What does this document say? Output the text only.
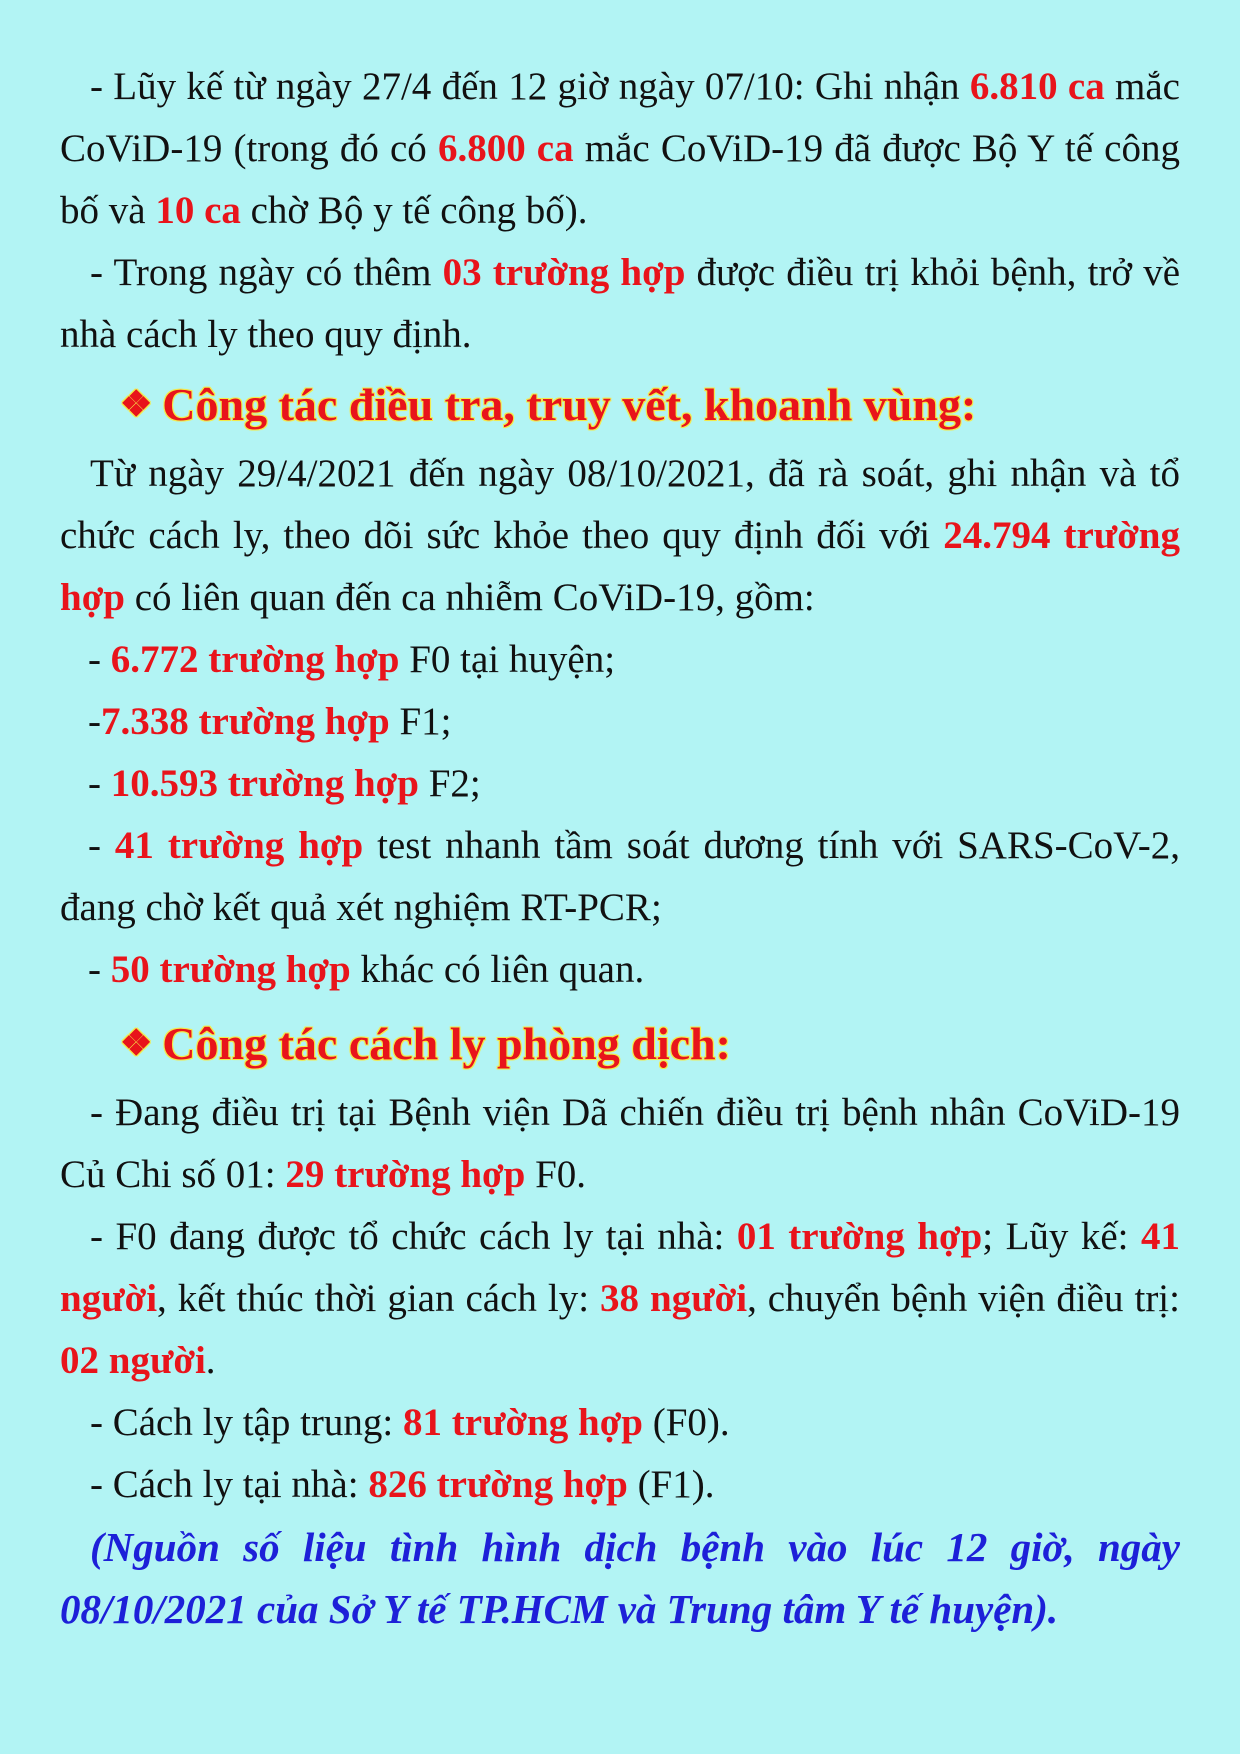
- Lũy kế từ ngày 27/4 đến 12 giờ ngày 07/10: Ghi nhận 6.810 ca mắc CoViD-19 (trong đó có 6.800 ca mắc CoViD-19 đã được Bộ Y tế công bố và 10 ca chờ Bộ y tế công bố).

- Trong ngày có thêm 03 trường hợp được điều trị khỏi bệnh, trở về nhà cách ly theo quy định.

❖ Công tác điều tra, truy vết, khoanh vùng:

Từ ngày 29/4/2021 đến ngày 08/10/2021, đã rà soát, ghi nhận và tổ chức cách ly, theo dõi sức khỏe theo quy định đối với 24.794 trường hợp có liên quan đến ca nhiễm CoViD-19, gồm:

- 6.772 trường hợp F0 tại huyện;

-7.338 trường hợp F1;

- 10.593 trường hợp F2;

- 41 trường hợp test nhanh tầm soát dương tính với SARS-CoV-2, đang chờ kết quả xét nghiệm RT-PCR;

- 50 trường hợp khác có liên quan.

❖ Công tác cách ly phòng dịch:

- Đang điều trị tại Bệnh viện Dã chiến điều trị bệnh nhân CoViD-19 Củ Chi số 01: 29 trường hợp F0.

- F0 đang được tổ chức cách ly tại nhà: 01 trường hợp; Lũy kế: 41 người, kết thúc thời gian cách ly: 38 người, chuyển bệnh viện điều trị: 02 người.

- Cách ly tập trung: 81 trường hợp (F0).

- Cách ly tại nhà: 826 trường hợp (F1).

(Nguồn số liệu tình hình dịch bệnh vào lúc 12 giờ, ngày 08/10/2021 của Sở Y tế TP.HCM và Trung tâm Y tế huyện).
